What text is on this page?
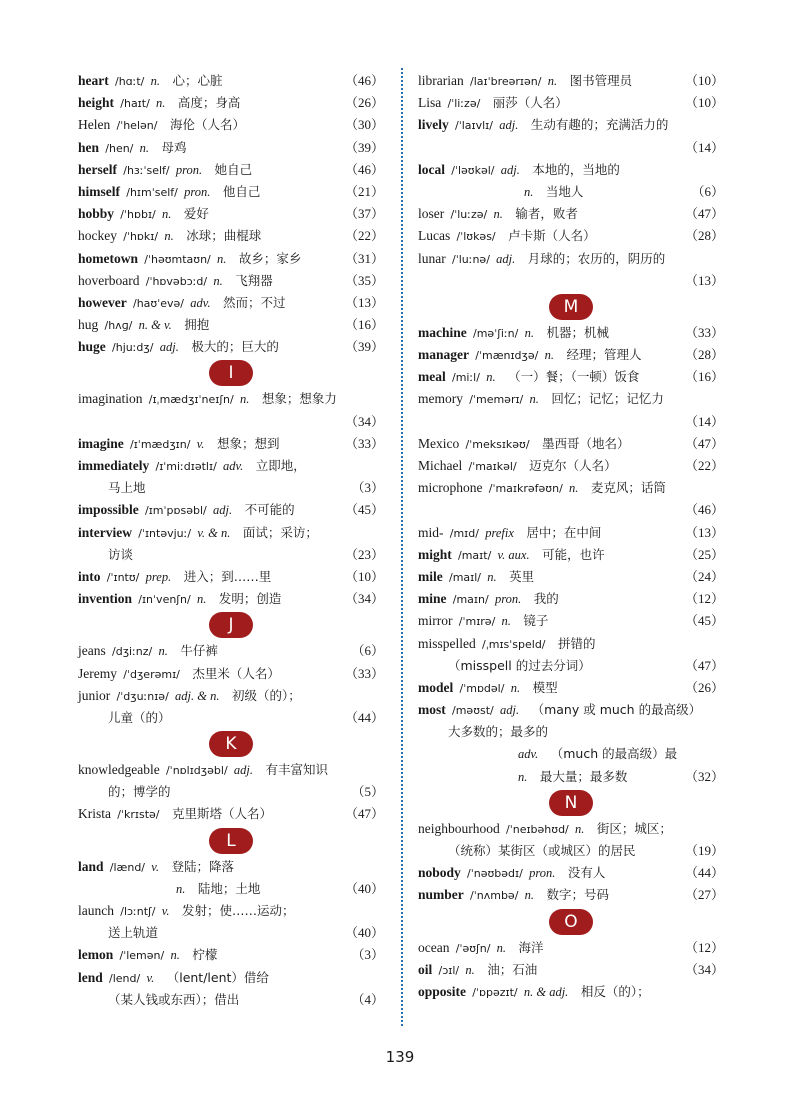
heart  /hɑːt/  n.  心；心脏	（46）
height  /haɪt/  n.  高度；身高	（26）
Helen  /ˈhelən/  海伦（人名）	（30）
hen  /hen/  n.  母鸡	（39）
herself  /hɜːˈself/  pron.  她自己	（46）
himself  /hɪmˈself/  pron.  他自己	（21）
hobby  /ˈhɒbɪ/  n.  爱好	（37）
hockey  /ˈhɒkɪ/  n.  冰球；曲棍球	（22）
hometown  /ˈhəʊmtaʊn/  n.  故乡；家乡	（31）
hoverboard  /ˈhɒvəbɔːd/  n.  飞翔器	（35）
however  /haʊˈevə/  adv.  然而；不过	（13）
hug  /hʌɡ/  n. & v.  拥抱	（16）
huge  /hjuːdʒ/  adj.  极大的；巨大的	（39）
I
imagination  /ɪˌmædʒɪˈneɪʃn/  n.  想象；想象力
（34）
imagine  /ɪˈmædʒɪn/  v.  想象；想到	（33）
immediately  /ɪˈmiːdɪətlɪ/  adv.  立即地，
马上地	（3）
impossible  /ɪmˈpɒsəbl/  adj.  不可能的	（45）
interview  /ˈɪntəvjuː/  v. & n.  面试；采访；
访谈	（23）
into  /ˈɪntʊ/  prep.  进入；到……里	（10）
invention  /ɪnˈvenʃn/  n.  发明；创造	（34）
J
jeans  /dʒiːnz/  n.  牛仔裤	（6）
Jeremy  /ˈdʒerəmɪ/  杰里米（人名）	（33）
junior  /ˈdʒuːnɪə/  adj. & n.  初级（的）；
儿童（的）	（44）
K
knowledgeable  /ˈnɒlɪdʒəbl/  adj.  有丰富知识
的；博学的	（5）
Krista  /ˈkrɪstə/  克里斯塔（人名）	（47）
L
land  /lænd/  v.  登陆；降落
n.  陆地；土地	（40）
launch  /lɔːntʃ/  v.  发射；使……运动；
送上轨道	（40）
lemon  /ˈlemən/  n.  柠檬	（3）
lend  /lend/  v.  （lent/lent）借给
（某人钱或东西）；借出	（4）
librarian  /laɪˈbreərɪən/  n.  图书管理员	（10）
Lisa  /ˈliːzə/  丽莎（人名）	（10）
lively  /ˈlaɪvlɪ/  adj.  生动有趣的；充满活力的
（14）
local  /ˈləʊkəl/  adj.  本地的，当地的
n.  当地人	（6）
loser  /ˈluːzə/  n.  输者，败者	（47）
Lucas  /ˈlʊkəs/  卢卡斯（人名）	（28）
lunar  /ˈluːnə/  adj.  月球的；农历的，阴历的
（13）
M
machine  /məˈʃiːn/  n.  机器；机械	（33）
manager  /ˈmænɪdʒə/  n.  经理；管理人	（28）
meal  /miːl/  n.  （一）餐；（一顿）饭食	（16）
memory  /ˈmemərɪ/  n.  回忆；记忆；记忆力
（14）
Mexico  /ˈmeksɪkəʊ/  墨西哥（地名）	（47）
Michael  /ˈmaɪkəl/  迈克尔（人名）	（22）
microphone  /ˈmaɪkrəfəʊn/  n.  麦克风；话筒
（46）
mid-  /mɪd/  prefix  居中；在中间	（13）
might  /maɪt/  v. aux.  可能，也许	（25）
mile  /maɪl/  n.  英里	（24）
mine  /maɪn/  pron.  我的	（12）
mirror  /ˈmɪrə/  n.  镜子	（45）
misspelled  /ˌmɪsˈspeld/  拼错的
（misspell 的过去分词）	（47）
model  /ˈmɒdəl/  n.  模型	（26）
most  /məʊst/  adj.  （many 或 much 的最高级）
大多数的；最多的
adv.  （much 的最高级）最
n.  最大量；最多数	（32）
N
neighbourhood  /ˈneɪbəhʊd/  n.  街区；城区；
（统称）某街区（或城区）的居民	（19）
nobody  /ˈnəʊbədɪ/  pron.  没有人	（44）
number  /ˈnʌmbə/  n.  数字；号码	（27）
O
ocean  /ˈəʊʃn/  n.  海洋	（12）
oil  /ɔɪl/  n.  油；石油	（34）
opposite  /ˈɒpəzɪt/  n. & adj.  相反（的）；
139
